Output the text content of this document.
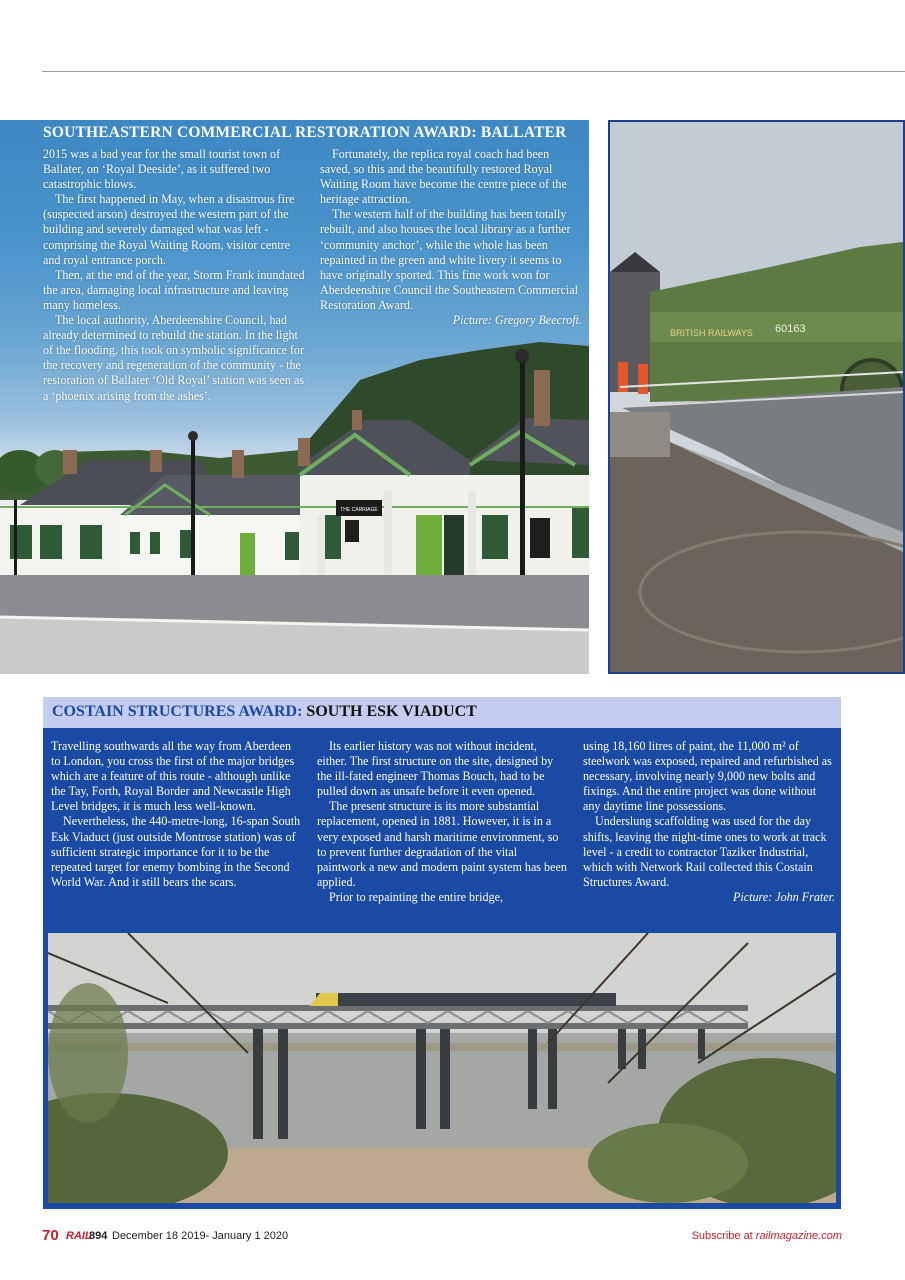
THE CARRIAGE
SOUTHEASTERN COMMERCIAL RESTORATION AWARD: BALLATER

2015 was a bad year for the small tourist town of Ballater, on ‘Royal Deeside’, as it suffered two catastrophic blows.

The first happened in May, when a disastrous fire (suspected arson) destroyed the western part of the building and severely damaged what was left - comprising the Royal Waiting Room, visitor centre and royal entrance porch.

Then, at the end of the year, Storm Frank inundated the area, damaging local infrastructure and leaving many homeless.

The local authority, Aberdeenshire Council, had already determined to rebuild the station. In the light of the flooding, this took on symbolic significance for the recovery and regeneration of the community - the restoration of Ballater ‘Old Royal’ station was seen as a ‘phoenix arising from the ashes’.

Fortunately, the replica royal coach had been saved, so this and the beautifully restored Royal Waiting Room have become the centre piece of the heritage attraction.

The western half of the building has been totally rebuilt, and also houses the local library as a further ‘community anchor’, while the whole has been repainted in the green and white livery it seems to have originally sported. This fine work won for Aberdeenshire Council the Southeastern Commercial Restoration Award.

Picture: Gregory Beecroft.
BRITISH RAILWAYS 60163
COSTAIN STRUCTURES AWARD: SOUTH ESK VIADUCT

Travelling southwards all the way from Aberdeen to London, you cross the first of the major bridges which are a feature of this route - although unlike the Tay, Forth, Royal Border and Newcastle High Level bridges, it is much less well-known.

Nevertheless, the 440-metre-long, 16-span South Esk Viaduct (just outside Montrose station) was of sufficient strategic importance for it to be the repeated target for enemy bombing in the Second World War. And it still bears the scars.

Its earlier history was not without incident, either. The first structure on the site, designed by the ill-fated engineer Thomas Bouch, had to be pulled down as unsafe before it even opened.

The present structure is its more substantial replacement, opened in 1881. However, it is in a very exposed and harsh maritime environment, so to prevent further degradation of the vital paintwork a new and modern paint system has been applied.

Prior to repainting the entire bridge,

using 18,160 litres of paint, the 11,000 m² of steelwork was exposed, repaired and refurbished as necessary, involving nearly 9,000 new bolts and fixings. And the entire project was done without any daytime line possessions.

Underslung scaffolding was used for the day shifts, leaving the night-time ones to work at track level - a credit to contractor Taziker Industrial, which with Network Rail collected this Costain Structures Award.

Picture: John Frater.
70 RAIL
894 December 18 2019- January 1 2020	Subscribe at railmagazine.com
